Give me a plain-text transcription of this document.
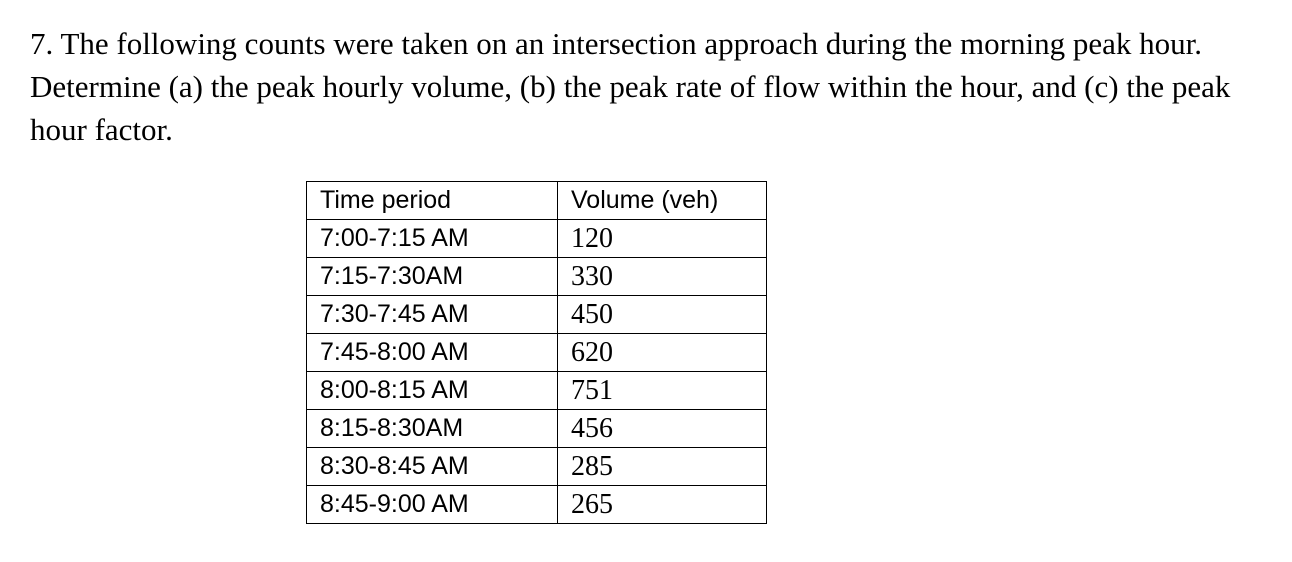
7. The following counts were taken on an intersection approach during the morning peak hour. Determine (a) the peak hourly volume, (b) the peak rate of flow within the hour, and (c) the peak hour factor.

Time period	Volume (veh)
7:00-7:15 AM	120
7:15-7:30AM	330
7:30-7:45 AM	450
7:45-8:00 AM	620
8:00-8:15 AM	751
8:15-8:30AM	456
8:30-8:45 AM	285
8:45-9:00 AM	265
